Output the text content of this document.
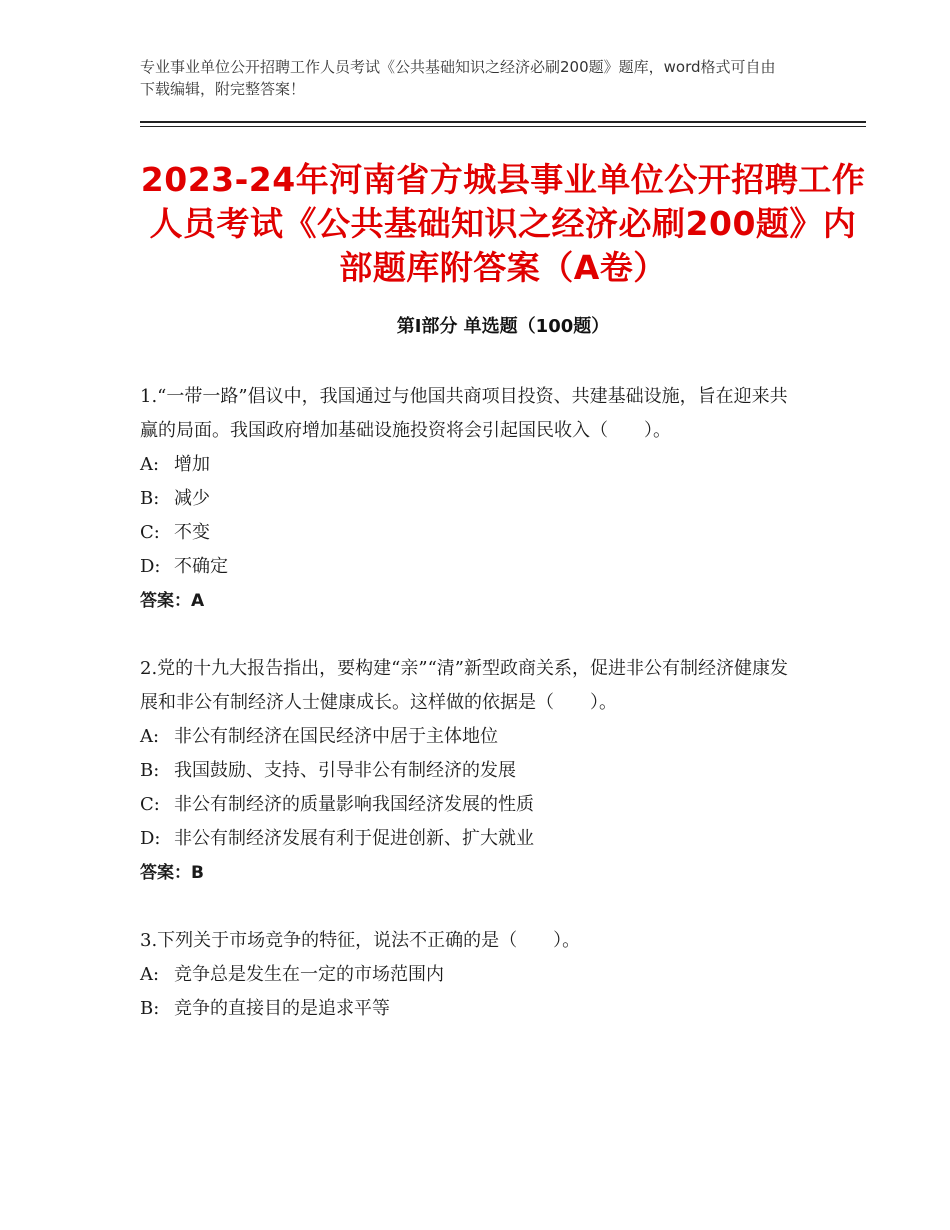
专业事业单位公开招聘工作人员考试《公共基础知识之经济必刷200题》题库，word格式可自由下载编辑，附完整答案！
2023-24年河南省方城县事业单位公开招聘工作人员考试《公共基础知识之经济必刷200题》内部题库附答案（A卷）
第Ⅰ部分 单选题（100题）

1.“一带一路”倡议中，我国通过与他国共商项目投资、共建基础设施，旨在迎来共赢的局面。我国政府增加基础设施投资将会引起国民收入（　　）。

A: 增加

B: 减少

C: 不变

D: 不确定

答案：A

2.党的十九大报告指出，要构建“亲”“清”新型政商关系，促进非公有制经济健康发展和非公有制经济人士健康成长。这样做的依据是（　　）。

A: 非公有制经济在国民经济中居于主体地位

B: 我国鼓励、支持、引导非公有制经济的发展

C: 非公有制经济的质量影响我国经济发展的性质

D: 非公有制经济发展有利于促进创新、扩大就业

答案：B

3.下列关于市场竞争的特征，说法不正确的是（　　）。

A: 竞争总是发生在一定的市场范围内

B: 竞争的直接目的是追求平等
